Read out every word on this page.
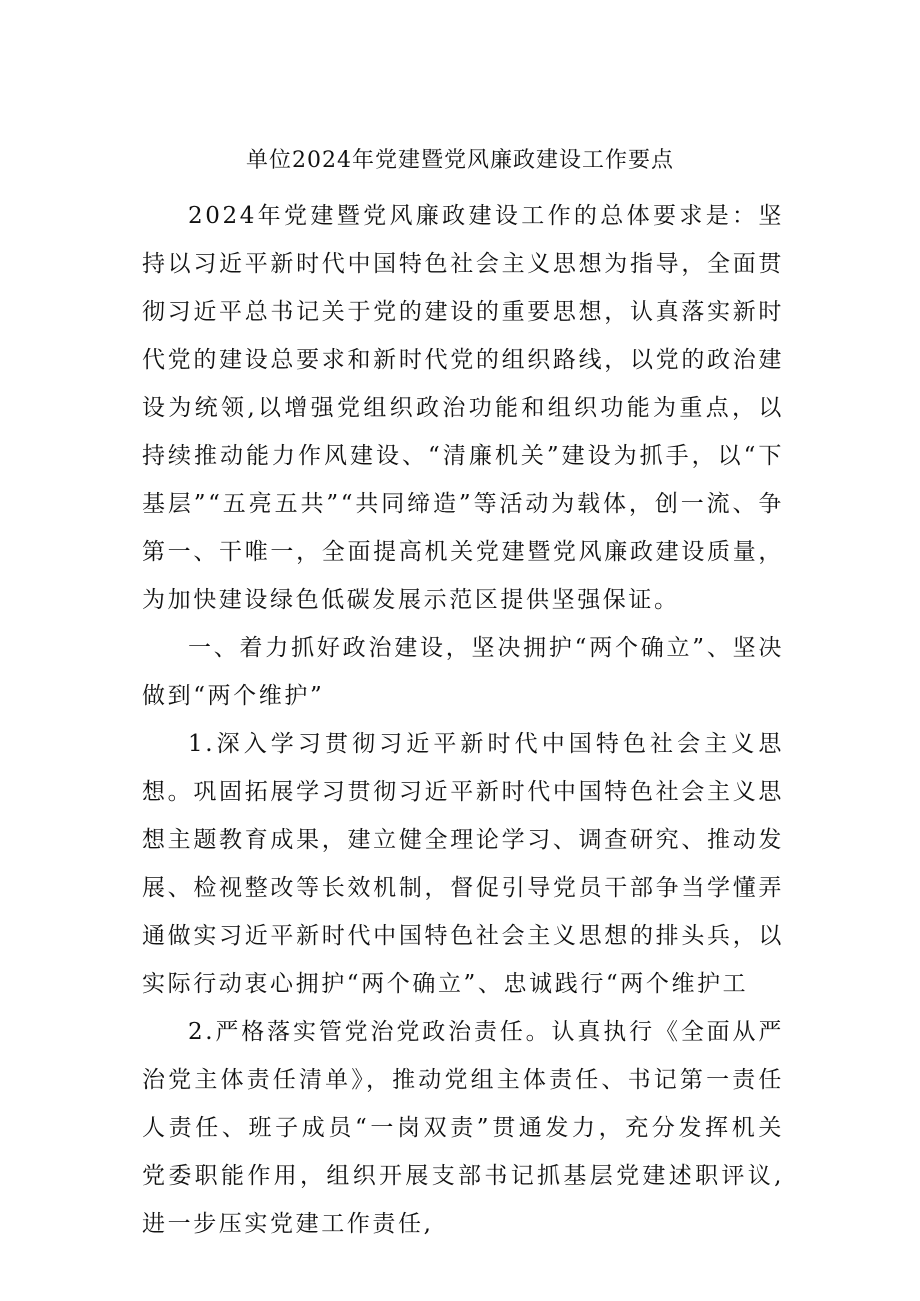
单位2024年党建暨党风廉政建设工作要点

2024年党建暨党风廉政建设工作的总体要求是：坚持以习近平新时代中国特色社会主义思想为指导，全面贯彻习近平总书记关于党的建设的重要思想，认真落实新时代党的建设总要求和新时代党的组织路线，以党的政治建设为统领,以增强党组织政治功能和组织功能为重点，以持续推动能力作风建设、“清廉机关”建设为抓手，以“下基层”“五亮五共”“共同缔造”等活动为载体，创一流、争第一、干唯一，全面提高机关党建暨党风廉政建设质量，为加快建设绿色低碳发展示范区提供坚强保证。

一、着力抓好政治建设，坚决拥护“两个确立”、坚决做到“两个维护”

1.深入学习贯彻习近平新时代中国特色社会主义思想。巩固拓展学习贯彻习近平新时代中国特色社会主义思想主题教育成果，建立健全理论学习、调查研究、推动发展、检视整改等长效机制，督促引导党员干部争当学懂弄通做实习近平新时代中国特色社会主义思想的排头兵，以实际行动衷心拥护“两个确立”、忠诚践行“两个维护工

2.严格落实管党治党政治责任。认真执行《全面从严治党主体责任清单》，推动党组主体责任、书记第一责任人责任、班子成员“一岗双责”贯通发力，充分发挥机关党委职能作用，组织开展支部书记抓基层党建述职评议,进一步压实党建工作责任,
